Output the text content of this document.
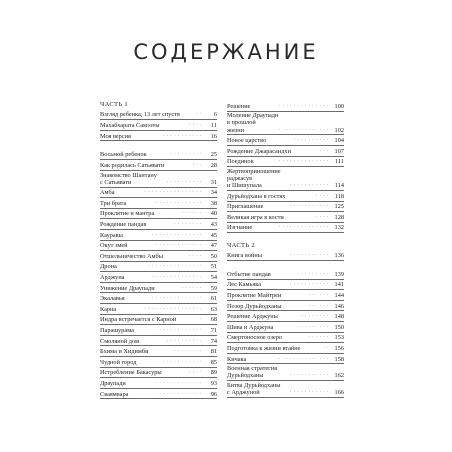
СОДЕРЖАНИЕ
ЧАСТЬ 1
Взгляд ребенка, 13 лет спустя	. .	6
Махабхарата Самээты	. . . .	11
Моя версия	. . . . . . . . . . .	16
Восьмой ребенок	. . . . . . . . .	25
Как родилась Сатьявати	. . .	28
Знакомство Шантану
с Сатьявати	. . . . . . . . . .	31
Амба	. . . . . . . . . . . . . . . .	34
Три брата	. . . . . . . . . . . . .	38
Проклятие и мантра	. . . . . .	40
Рождение пандав	. . . . . . . .	43
Кауравы	. . . . . . . . . . . . . .	45
Окут змей	. . . . . . . . . . . . .	47
Отшельничество Амбы	. . . .	50
Дрона	. . . . . . . . . . . . . . .	51
Арджуна	. . . . . . . . . . . . . .	54
Унижение Драупади	. . . . . .	59
Экалавья	. . . . . . . . . . . . . .	61
Карна	. . . . . . . . . . . . . . . .	63
Индра встречается с Карной	.	68
Парашурама	. . . . . . . . . . . .	71
Смоляной дом	. . . . . . . . . .	74
Бхима и Хидимби	. . . . . . . .	81
Чудной город	. . . . . . . . . . .	85
Истребление Бакасуры	. . . .	89
Драупади	. . . . . . . . . . . . .	93
Сваямвара	. . . . . . . . . . . .	96
Решение	. . . . . . . . . . . . . . 100
Моление Драупади в прошлой
жизни	. . . . . . . . . . . . . . 102
Новое царство	. . . . . . . . . . 104
Рождение Джарасандхи	. . . 107
Поединок	. . . . . . . . . . . . . . 111
Жертвоприношение раджасуя
и Шишупала	. . . . . . . . . . . 114
Дурьйодхана в гостях	. . . . 118
Приглашение	. . . . . . . . . . . 125
Великая игра в кости	. . . . 128
Изгнание	. . . . . . . . . . . . . . 132
ЧАСТЬ 2
Книга войны	. . . . . . . . . . . 136
Отбытие пандав	. . . . . . . . . 139
Лес Камьяка	. . . . . . . . . . . 141
Проклятие Майтреи	. . . . . . 144
Позор Дурьйодханы	. . . . . . 146
Решение Арджуны	. . . . . . . . 148
Шива и Арджуна	. . . . . . . . . 150
Смертоносное озеро	. . . . . . 153
Подготовка к жизни втайне	. . 156
Кичака	. . . . . . . . . . . . . . . 158
Военная стратегия
Дурьйодханы	. . . . . . . . . . . 162
Битва Дурьйодханы
с Арджуной	. . . . . . . . . . . 166
